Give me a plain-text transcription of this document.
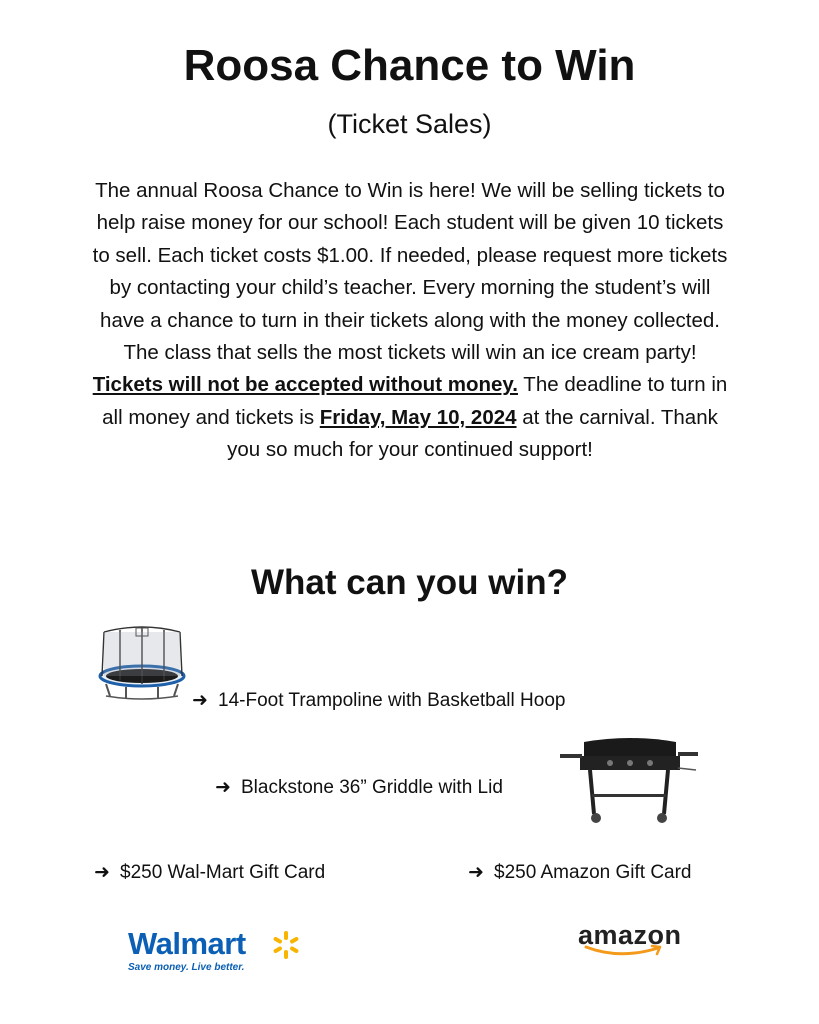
Roosa Chance to Win
(Ticket Sales)
The annual Roosa Chance to Win is here! We will be selling tickets to help raise money for our school! Each student will be given 10 tickets to sell. Each ticket costs $1.00. If needed, please request more tickets by contacting your child’s teacher. Every morning the student’s will have a chance to turn in their tickets along with the money collected. The class that sells the most tickets will win an ice cream party! Tickets will not be accepted without money. The deadline to turn in all money and tickets is Friday, May 10, 2024 at the carnival. Thank you so much for your continued support!
What can you win?
➜ 14-Foot Trampoline with Basketball Hoop
➜ Blackstone 36” Griddle with Lid
➜ $250 Wal-Mart Gift Card	➜ $250 Amazon Gift Card
Walmart
Save money. Live better.
amazon
